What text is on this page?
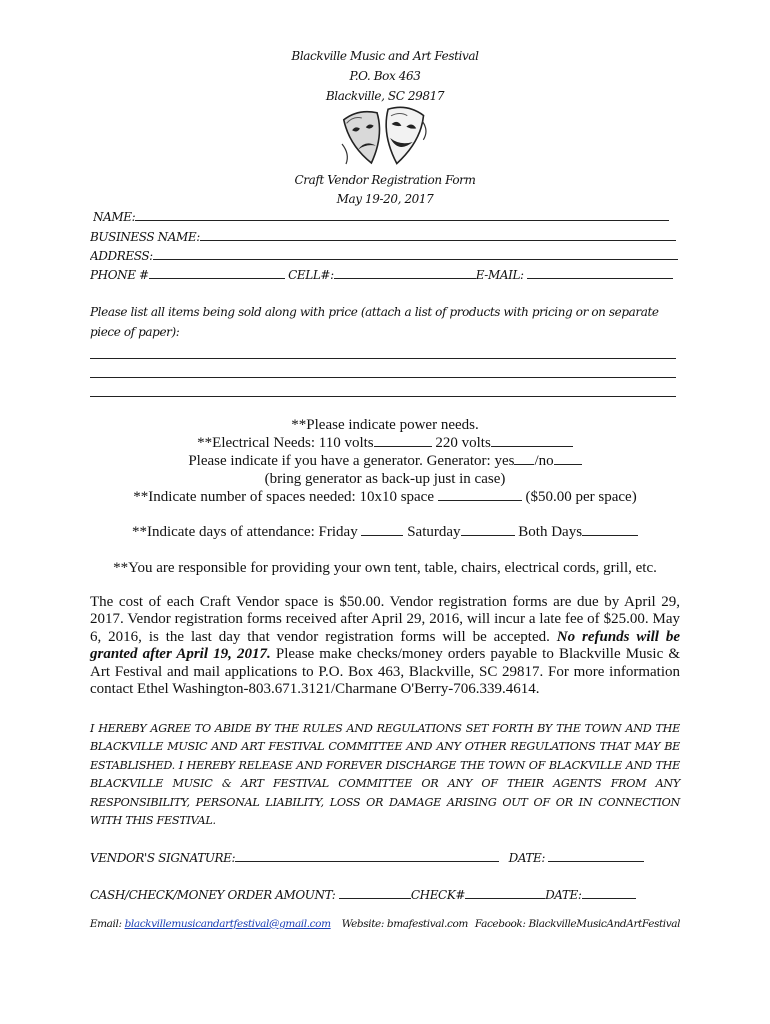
Blackville Music and Art Festival
P.O. Box 463
Blackville, SC 29817
Craft Vendor Registration Form
May 19-20, 2017
NAME:
BUSINESS NAME:
ADDRESS:
PHONE #	CELL#:	E-MAIL:
Please list all items being sold along with price (attach a list of products with pricing or on separate piece of paper):
**Please indicate power needs.
**Electrical Needs: 110 volts	220 volts
Please indicate if you have a generator. Generator: yes /no
(bring generator as back-up just in case)
**Indicate number of spaces needed: 10x10 space	($50.00 per space)
**Indicate days of attendance: Friday	Saturday	Both Days
**You are responsible for providing your own tent, table, chairs, electrical cords, grill, etc.
The cost of each Craft Vendor space is $50.00. Vendor registration forms are due by April 29, 2017. Vendor registration forms received after April 29, 2016, will incur a late fee of $25.00. May 6, 2016, is the last day that vendor registration forms will be accepted. No refunds will be granted after April 19, 2017. Please make checks/money orders payable to Blackville Music & Art Festival and mail applications to P.O. Box 463, Blackville, SC 29817. For more information contact Ethel Washington-803.671.3121/Charmane O'Berry-706.339.4614.
I HEREBY AGREE TO ABIDE BY THE RULES AND REGULATIONS SET FORTH BY THE TOWN AND THE BLACKVILLE MUSIC AND ART FESTIVAL COMMITTEE AND ANY OTHER REGULATIONS THAT MAY BE ESTABLISHED. I HEREBY RELEASE AND FOREVER DISCHARGE THE TOWN OF BLACKVILLE AND THE BLACKVILLE MUSIC & ART FESTIVAL COMMITTEE OR ANY OF THEIR AGENTS FROM ANY RESPONSIBILITY, PERSONAL LIABILITY, LOSS OR DAMAGE ARISING OUT OF OR IN CONNECTION WITH THIS FESTIVAL.
VENDOR'S SIGNATURE:	DATE:
CASH/CHECK/MONEY ORDER AMOUNT:	CHECK#	DATE:
Email: blackvillemusicandartfestival@gmail.com Website: bmafestival.com Facebook: BlackvilleMusicAndArtFestival
